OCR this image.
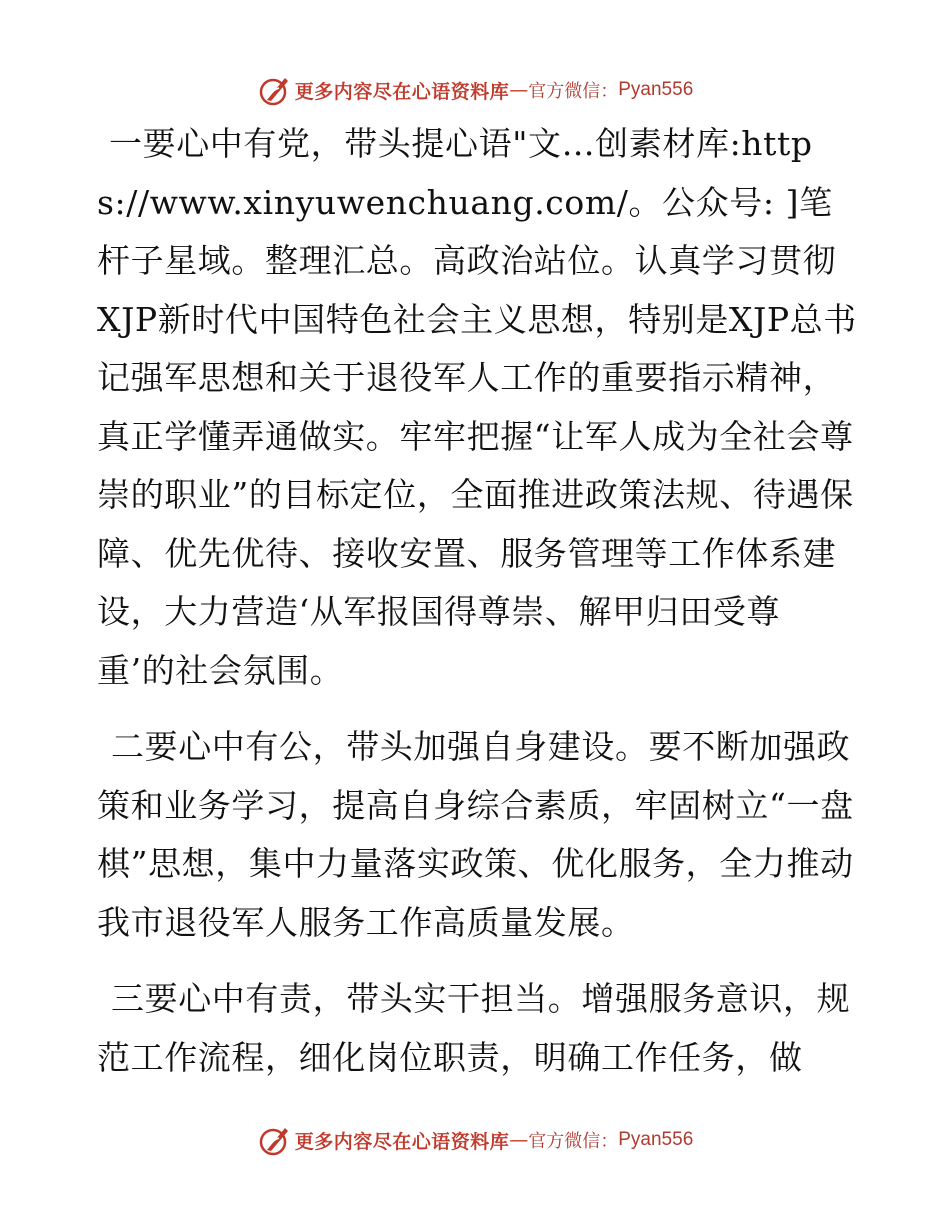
更多内容尽在心语资料库 — 官方微信： Pyan556

一要心中有党，带头提心语"文…创素材库:https://www.xinyuwenchuang.com/。公众号: ]笔杆子星域。整理汇总。高政治站位。认真学习贯彻XJP新时代中国特色社会主义思想，特别是XJP总书记强军思想和关于退役军人工作的重要指示精神，真正学懂弄通做实。牢牢把握“让军人成为全社会尊崇的职业”的目标定位，全面推进政策法规、待遇保障、优先优待、接收安置、服务管理等工作体系建设，大力营造‘从军报国得尊崇、解甲归田受尊重’的社会氛围。

二要心中有公，带头加强自身建设。要不断加强政策和业务学习，提高自身综合素质，牢固树立“一盘棋”思想，集中力量落实政策、优化服务，全力推动我市退役军人服务工作高质量发展。

三要心中有责，带头实干担当。增强服务意识，规范工作流程，细化岗位职责，明确工作任务，做

更多内容尽在心语资料库 — 官方微信： Pyan556
